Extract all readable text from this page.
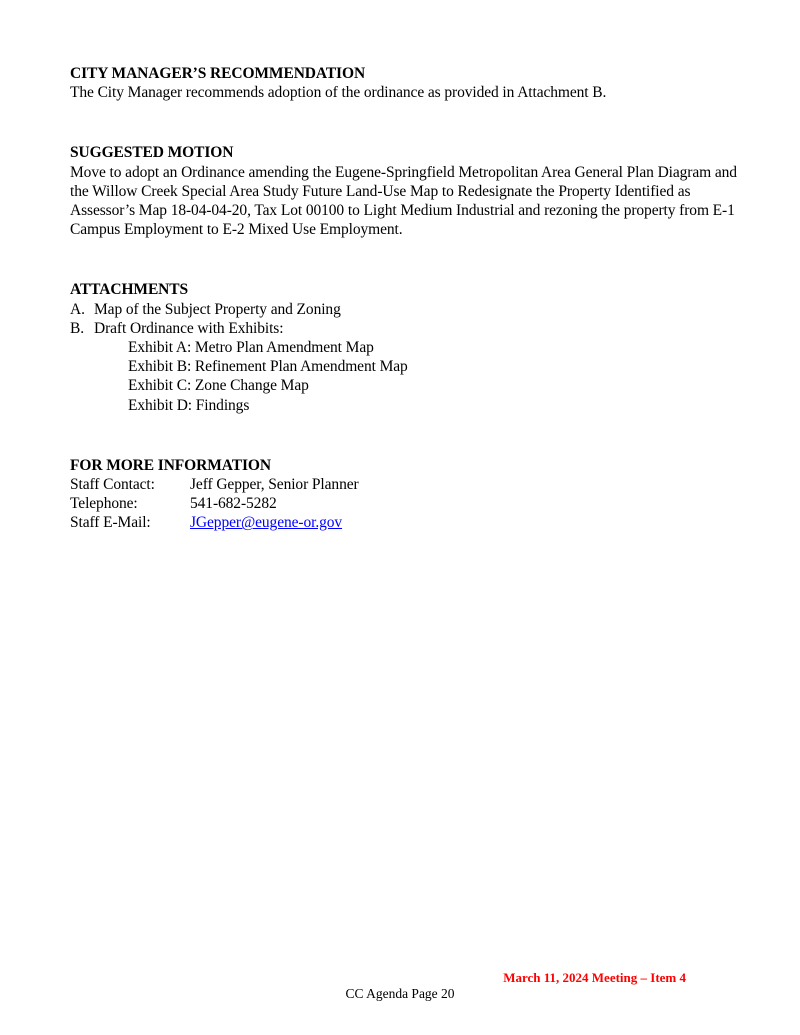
CITY MANAGER’S RECOMMENDATION

The City Manager recommends adoption of the ordinance as provided in Attachment B.

SUGGESTED MOTION

Move to adopt an Ordinance amending the Eugene-Springfield Metropolitan Area General Plan Diagram and the Willow Creek Special Area Study Future Land-Use Map to Redesignate the Property Identified as Assessor’s Map 18-04-04-20, Tax Lot 00100 to Light Medium Industrial and rezoning the property from E-1 Campus Employment to E-2 Mixed Use Employment.

ATTACHMENTS
A. Map of the Subject Property and Zoning
B. Draft Ordinance with Exhibits:
Exhibit A: Metro Plan Amendment Map
Exhibit B: Refinement Plan Amendment Map
Exhibit C: Zone Change Map
Exhibit D: Findings
FOR MORE INFORMATION
Staff Contact:	Jeff Gepper, Senior Planner
Telephone:	541-682-5282
Staff E-Mail:	JGepper@eugene-or.gov
March 11, 2024 Meeting – Item 4
CC Agenda Page 20
